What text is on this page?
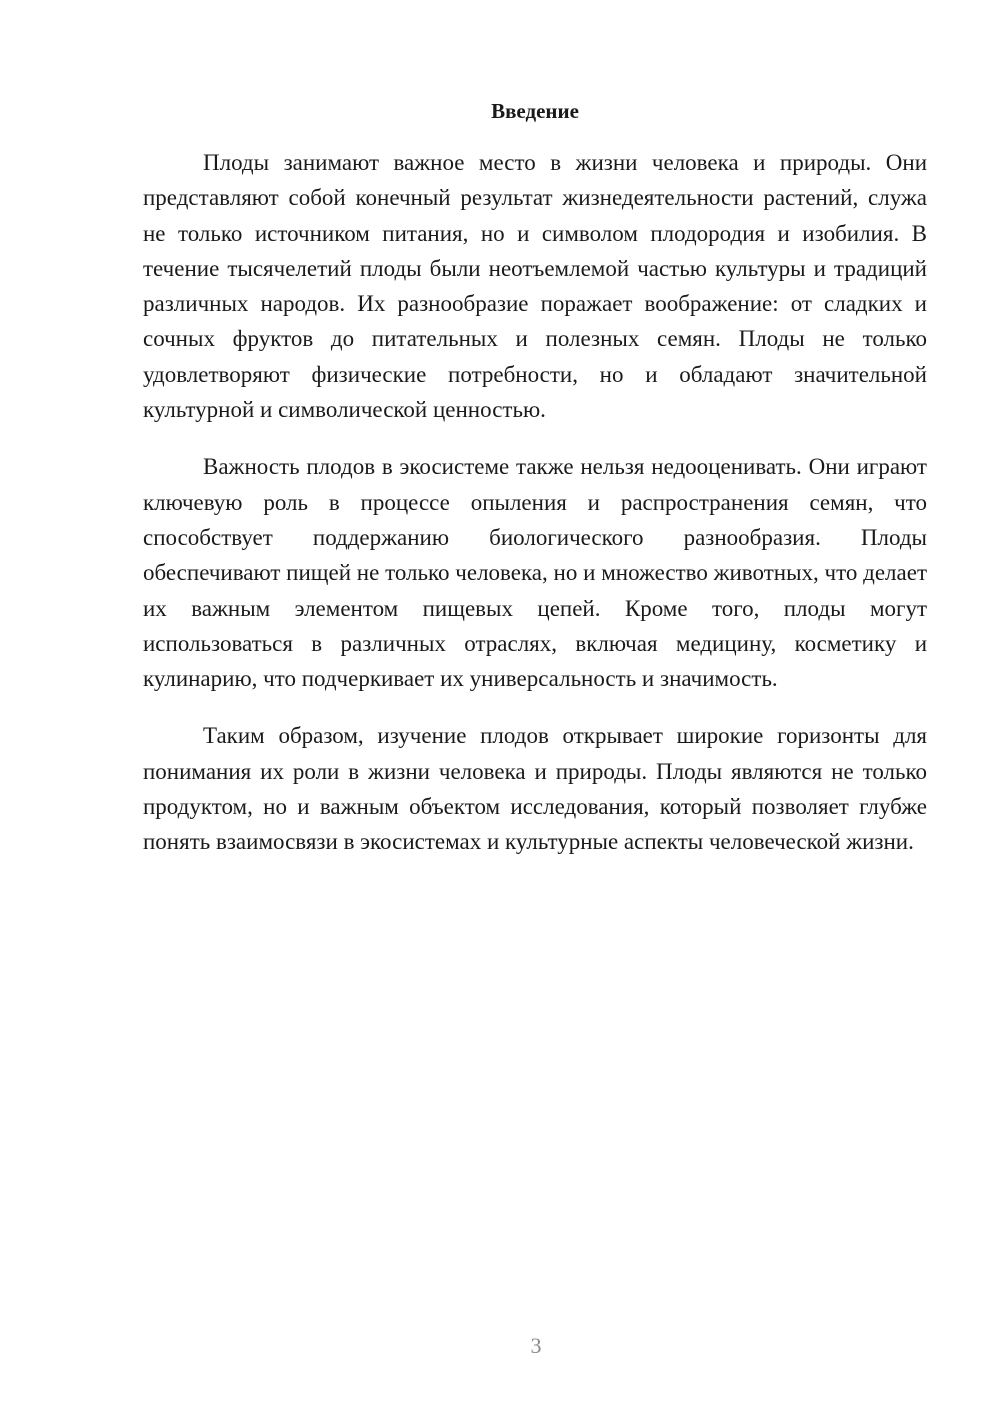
Введение

Плоды занимают важное место в жизни человека и природы. Они представляют собой конечный результат жизнедеятельности растений, служа не только источником питания, но и символом плодородия и изобилия. В течение тысячелетий плоды были неотъемлемой частью культуры и традиций различных народов. Их разнообразие поражает воображение: от сладких и сочных фруктов до питательных и полезных семян. Плоды не только удовлетворяют физические потребности, но и обладают значительной культурной и символической ценностью.

Важность плодов в экосистеме также нельзя недооценивать. Они играют ключевую роль в процессе опыления и распространения семян, что способствует поддержанию биологического разнообразия. Плоды обеспечивают пищей не только человека, но и множество животных, что делает их важным элементом пищевых цепей. Кроме того, плоды могут использоваться в различных отраслях, включая медицину, косметику и кулинарию, что подчеркивает их универсальность и значимость.

Таким образом, изучение плодов открывает широкие горизонты для понимания их роли в жизни человека и природы. Плоды являются не только продуктом, но и важным объектом исследования, который позволяет глубже понять взаимосвязи в экосистемах и культурные аспекты человеческой жизни.

3
